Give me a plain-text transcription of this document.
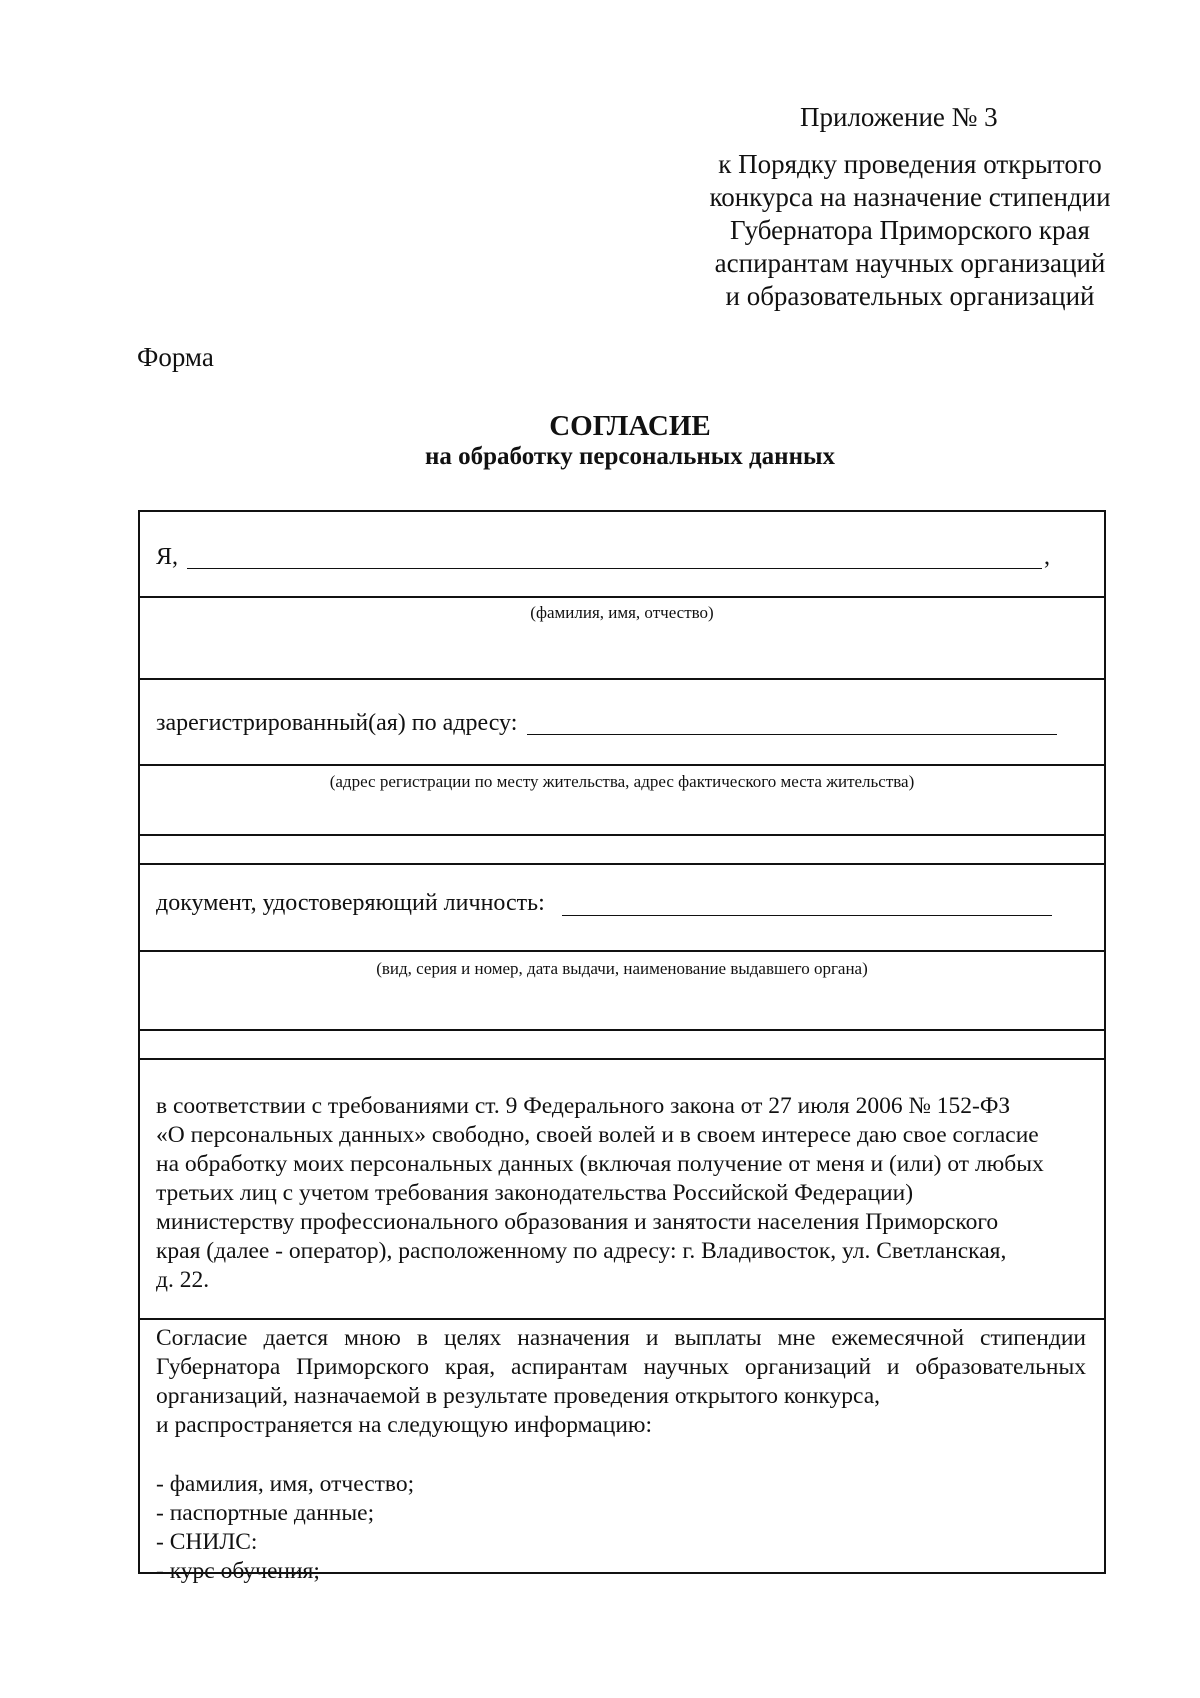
Приложение № 3
к Порядку проведения открытого
конкурса на назначение стипендии
Губернатора Приморского края
аспирантам научных организаций
и образовательных организаций
Форма
СОГЛАСИЕ
на обработку персональных данных
Я,	,
(фамилия, имя, отчество)
зарегистрированный(ая) по адресу:
(адрес регистрации по месту жительства, адрес фактического места жительства)
документ, удостоверяющий личность:
(вид, серия и номер, дата выдачи, наименование выдавшего органа)
в соответствии с требованиями ст. 9 Федерального закона от 27 июля 2006 № 152-ФЗ
«О персональных данных» свободно, своей волей и в своем интересе даю свое согласие
на обработку моих персональных данных (включая получение от меня и (или) от любых
третьих лиц с учетом требования законодательства Российской Федерации)
министерству профессионального образования и занятости населения Приморского
края (далее - оператор), расположенному по адресу: г. Владивосток, ул. Светланская,
д. 22.
Согласие дается мною в целях назначения и выплаты мне ежемесячной стипендии Губернатора Приморского края, аспирантам научных организаций и образовательных организаций, назначаемой в результате проведения открытого конкурса,
и распространяется на следующую информацию:
- фамилия, имя, отчество;
- паспортные данные;
- СНИЛС:
- курс обучения;
